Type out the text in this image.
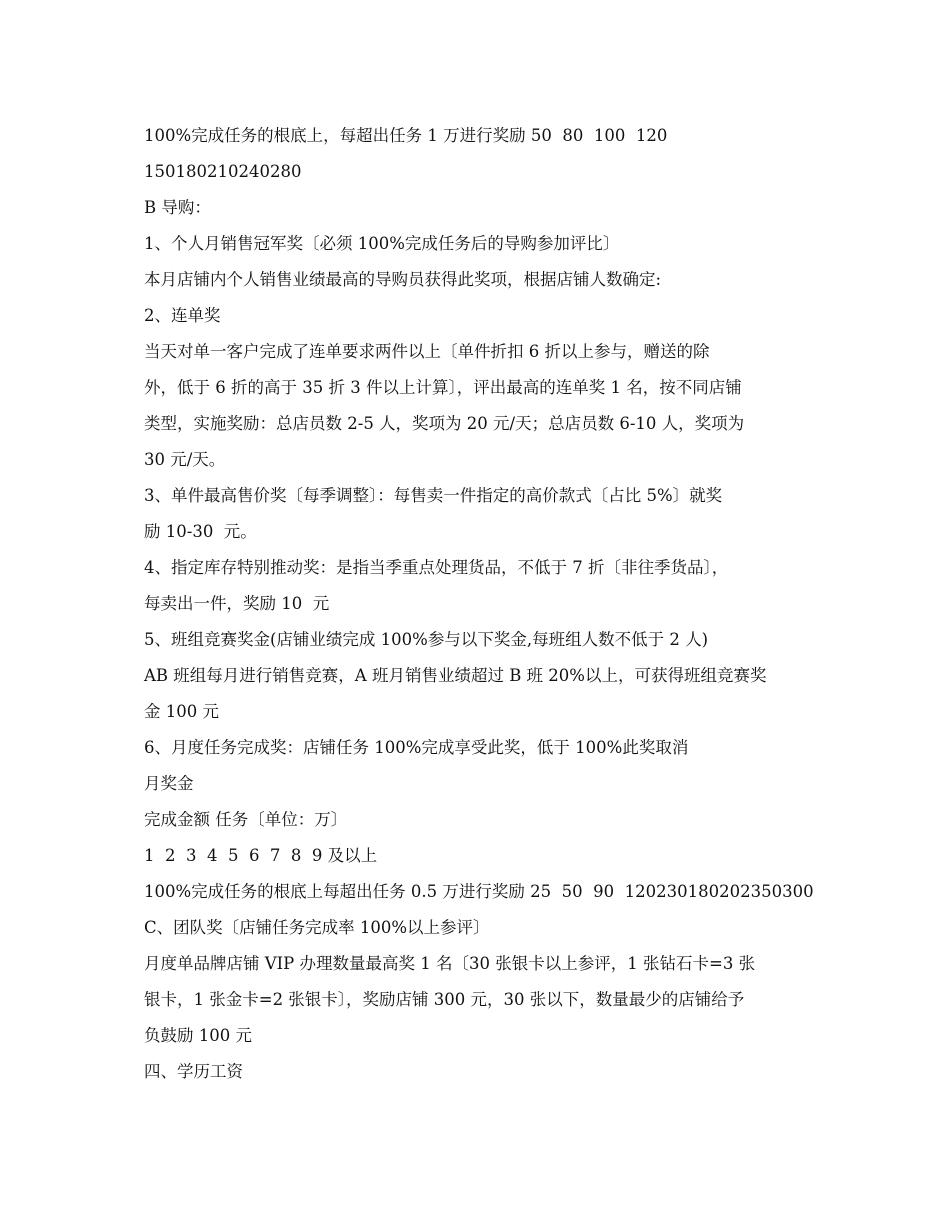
100%完成任务的根底上，每超出任务 1 万进行奖励 50  80  100  120

150180210240280

B 导购：

1、个人月销售冠军奖〔必须 100%完成任务后的导购参加评比〕

本月店铺内个人销售业绩最高的导购员获得此奖项，根据店铺人数确定:

2、连单奖

当天对单一客户完成了连单要求两件以上〔单件折扣 6 折以上参与，赠送的除

外，低于 6 折的高于 35 折 3 件以上计算〕，评出最高的连单奖 1 名，按不同店铺

类型，实施奖励：总店员数 2-5 人，奖项为 20 元/天；总店员数 6-10 人，奖项为

30 元/天。

3、单件最高售价奖〔每季调整〕：每售卖一件指定的高价款式〔占比 5%〕就奖

励 10-30  元。

4、指定库存特别推动奖：是指当季重点处理货品，不低于 7 折〔非往季货品〕，

每卖出一件，奖励 10  元

5、班组竞赛奖金(店铺业绩完成 100%参与以下奖金,每班组人数不低于 2 人)

AB 班组每月进行销售竞赛，A 班月销售业绩超过 B 班 20%以上，可获得班组竞赛奖

金 100 元

6、月度任务完成奖：店铺任务 100%完成享受此奖，低于 100%此奖取消

月奖金

完成金额 任务〔单位：万〕

1  2  3  4  5  6  7  8  9 及以上

100%完成任务的根底上每超出任务 0.5 万进行奖励 25  50  90  120230180202350300

C、团队奖〔店铺任务完成率 100%以上参评〕

月度单品牌店铺 VIP 办理数量最高奖 1 名〔30 张银卡以上参评，1 张钻石卡=3 张

银卡，1 张金卡=2 张银卡〕，奖励店铺 300 元，30 张以下，数量最少的店铺给予

负鼓励 100 元

四、学历工资
